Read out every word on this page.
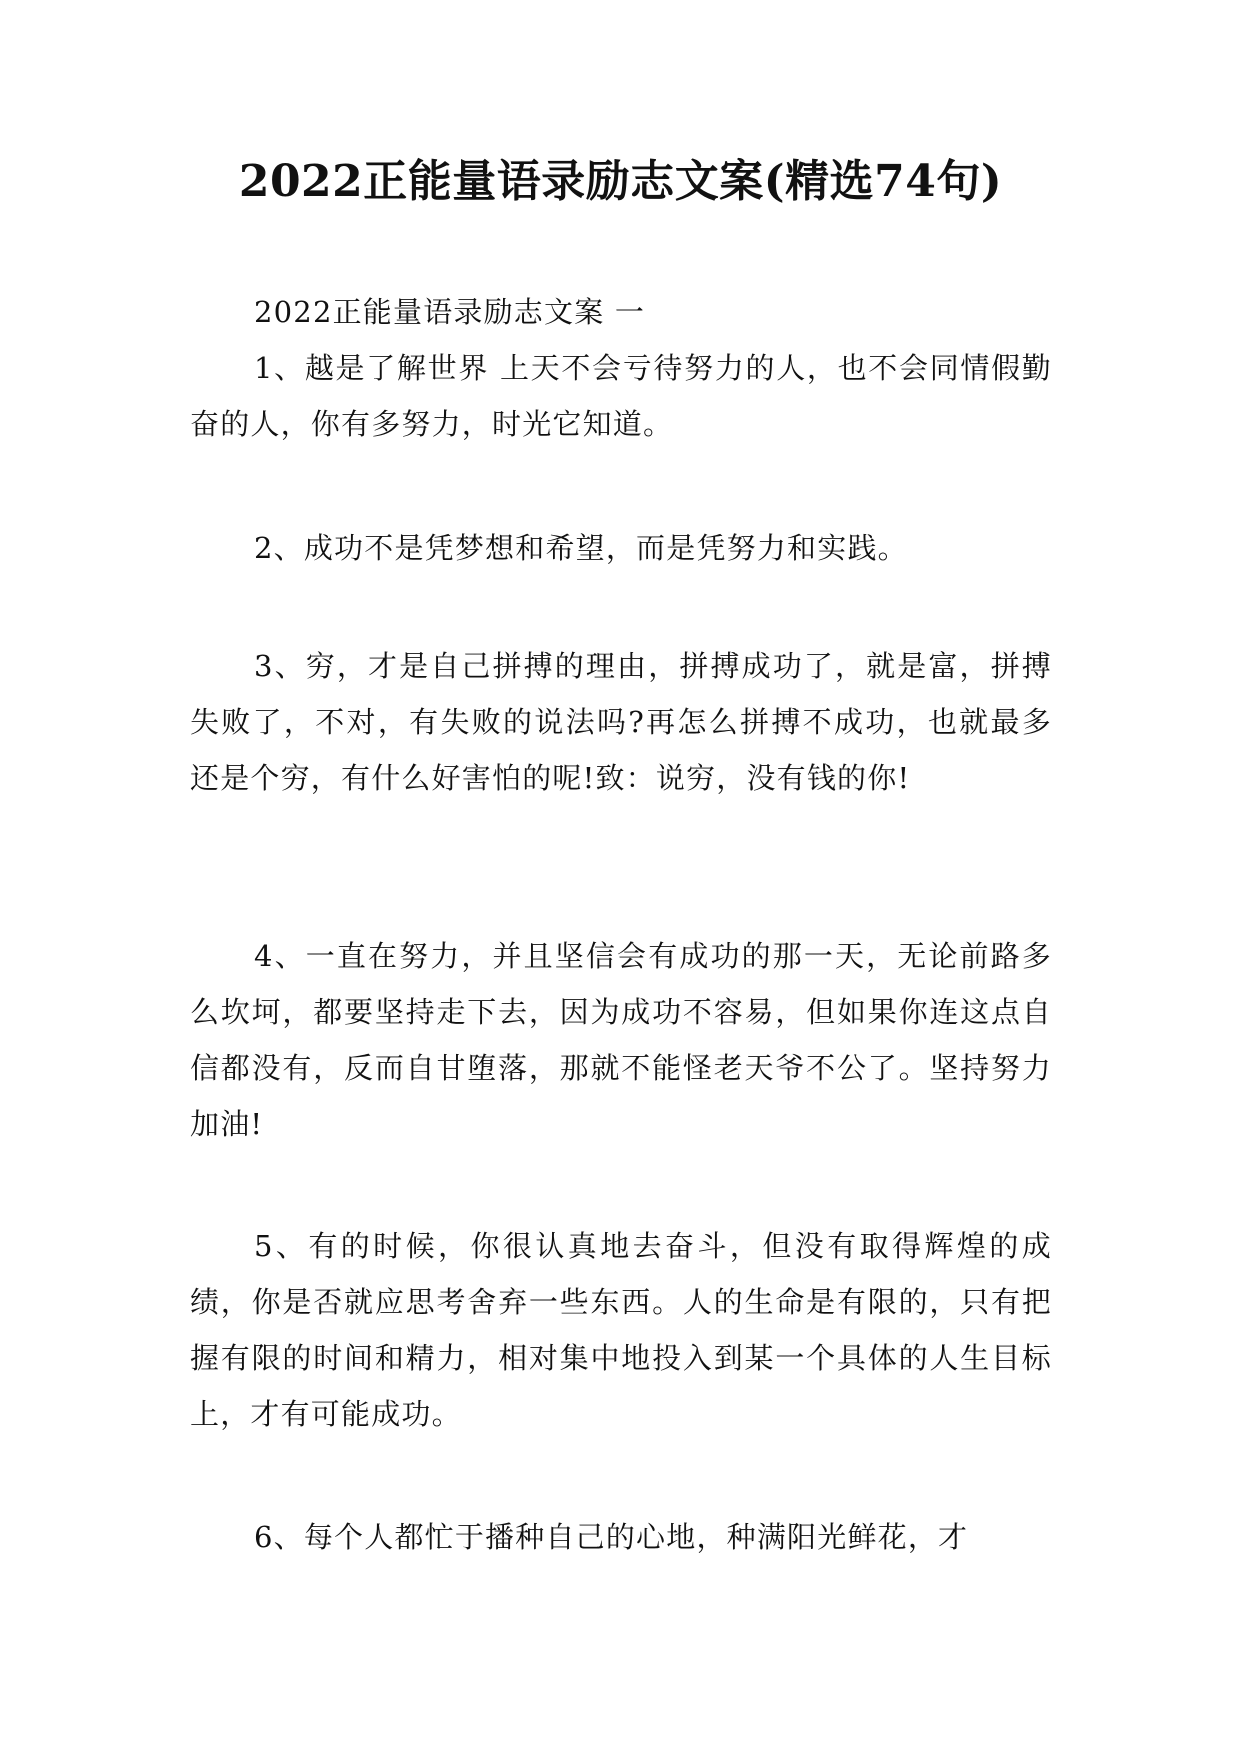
2022正能量语录励志文案(精选74句)

2022正能量语录励志文案 一

1、越是了解世界 上天不会亏待努力的人，也不会同情假勤奋的人，你有多努力，时光它知道。

2、成功不是凭梦想和希望，而是凭努力和实践。

3、穷，才是自己拼搏的理由，拼搏成功了，就是富，拼搏失败了，不对，有失败的说法吗?再怎么拼搏不成功，也就最多还是个穷，有什么好害怕的呢!致：说穷，没有钱的你!

4、一直在努力，并且坚信会有成功的那一天，无论前路多么坎坷，都要坚持走下去，因为成功不容易，但如果你连这点自信都没有，反而自甘堕落，那就不能怪老天爷不公了。坚持努力加油!

5、有的时候，你很认真地去奋斗，但没有取得辉煌的成绩，你是否就应思考舍弃一些东西。人的生命是有限的，只有把握有限的时间和精力，相对集中地投入到某一个具体的人生目标上，才有可能成功。

6、每个人都忙于播种自己的心地，种满阳光鲜花，才
